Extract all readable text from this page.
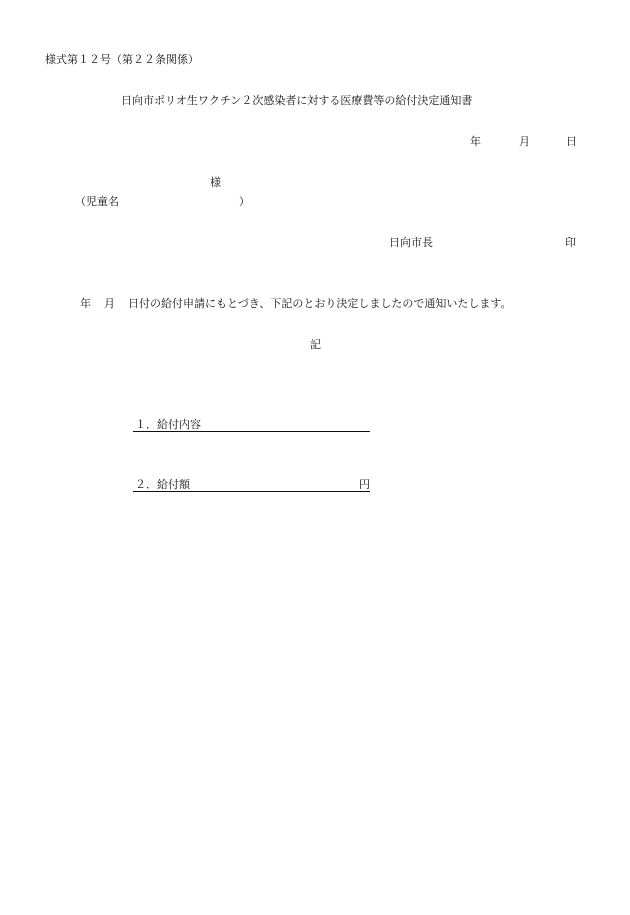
様式第１２号（第２２条関係）
日向市ポリオ生ワクチン２次感染者に対する医療費等の給付決定通知書
年	月	日
様
（児童名	）
日向市長	印
年 月 日付の給付申請にもとづき、下記のとおり決定しましたので通知いたします。
記
１． 給付内容
２． 給付額	円
